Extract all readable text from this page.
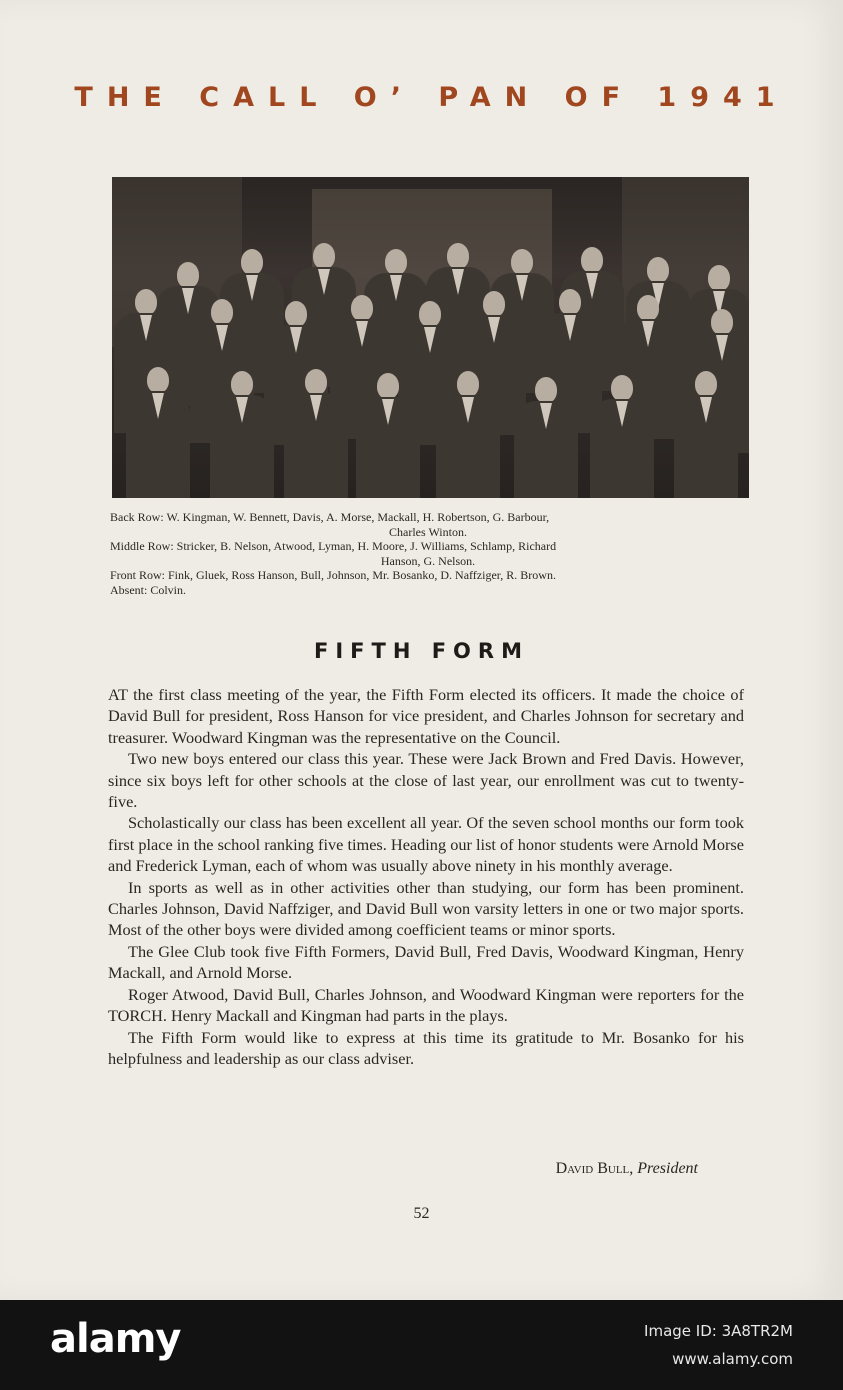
THE CALL O’ PAN OF 1941

Back Row: W. Kingman, W. Bennett, Davis, A. Morse, Mackall, H. Robertson, G. Barbour,

Charles Winton.

Middle Row: Stricker, B. Nelson, Atwood, Lyman, H. Moore, J. Williams, Schlamp, Richard

Hanson, G. Nelson.

Front Row: Fink, Gluek, Ross Hanson, Bull, Johnson, Mr. Bosanko, D. Naffziger, R. Brown.

Absent: Colvin.

FIFTH FORM

AT the first class meeting of the year, the Fifth Form elected its officers. It made the choice of David Bull for president, Ross Hanson for vice president, and Charles Johnson for secretary and treasurer. Woodward Kingman was the representative on the Council.

Two new boys entered our class this year. These were Jack Brown and Fred Davis. However, since six boys left for other schools at the close of last year, our enrollment was cut to twenty-five.

Scholastically our class has been excellent all year. Of the seven school months our form took first place in the school ranking five times. Heading our list of honor students were Arnold Morse and Frederick Lyman, each of whom was usually above ninety in his monthly average.

In sports as well as in other activities other than studying, our form has been prominent. Charles Johnson, David Naffziger, and David Bull won varsity letters in one or two major sports. Most of the other boys were divided among coefficient teams or minor sports.

The Glee Club took five Fifth Formers, David Bull, Fred Davis, Woodward Kingman, Henry Mackall, and Arnold Morse.

Roger Atwood, David Bull, Charles Johnson, and Woodward Kingman were reporters for the TORCH. Henry Mackall and Kingman had parts in the plays.

The Fifth Form would like to express at this time its gratitude to Mr. Bosanko for his helpfulness and leadership as our class adviser.

David Bull, President
52
alamy	Image ID: 3A8TR2M
www.alamy.com
